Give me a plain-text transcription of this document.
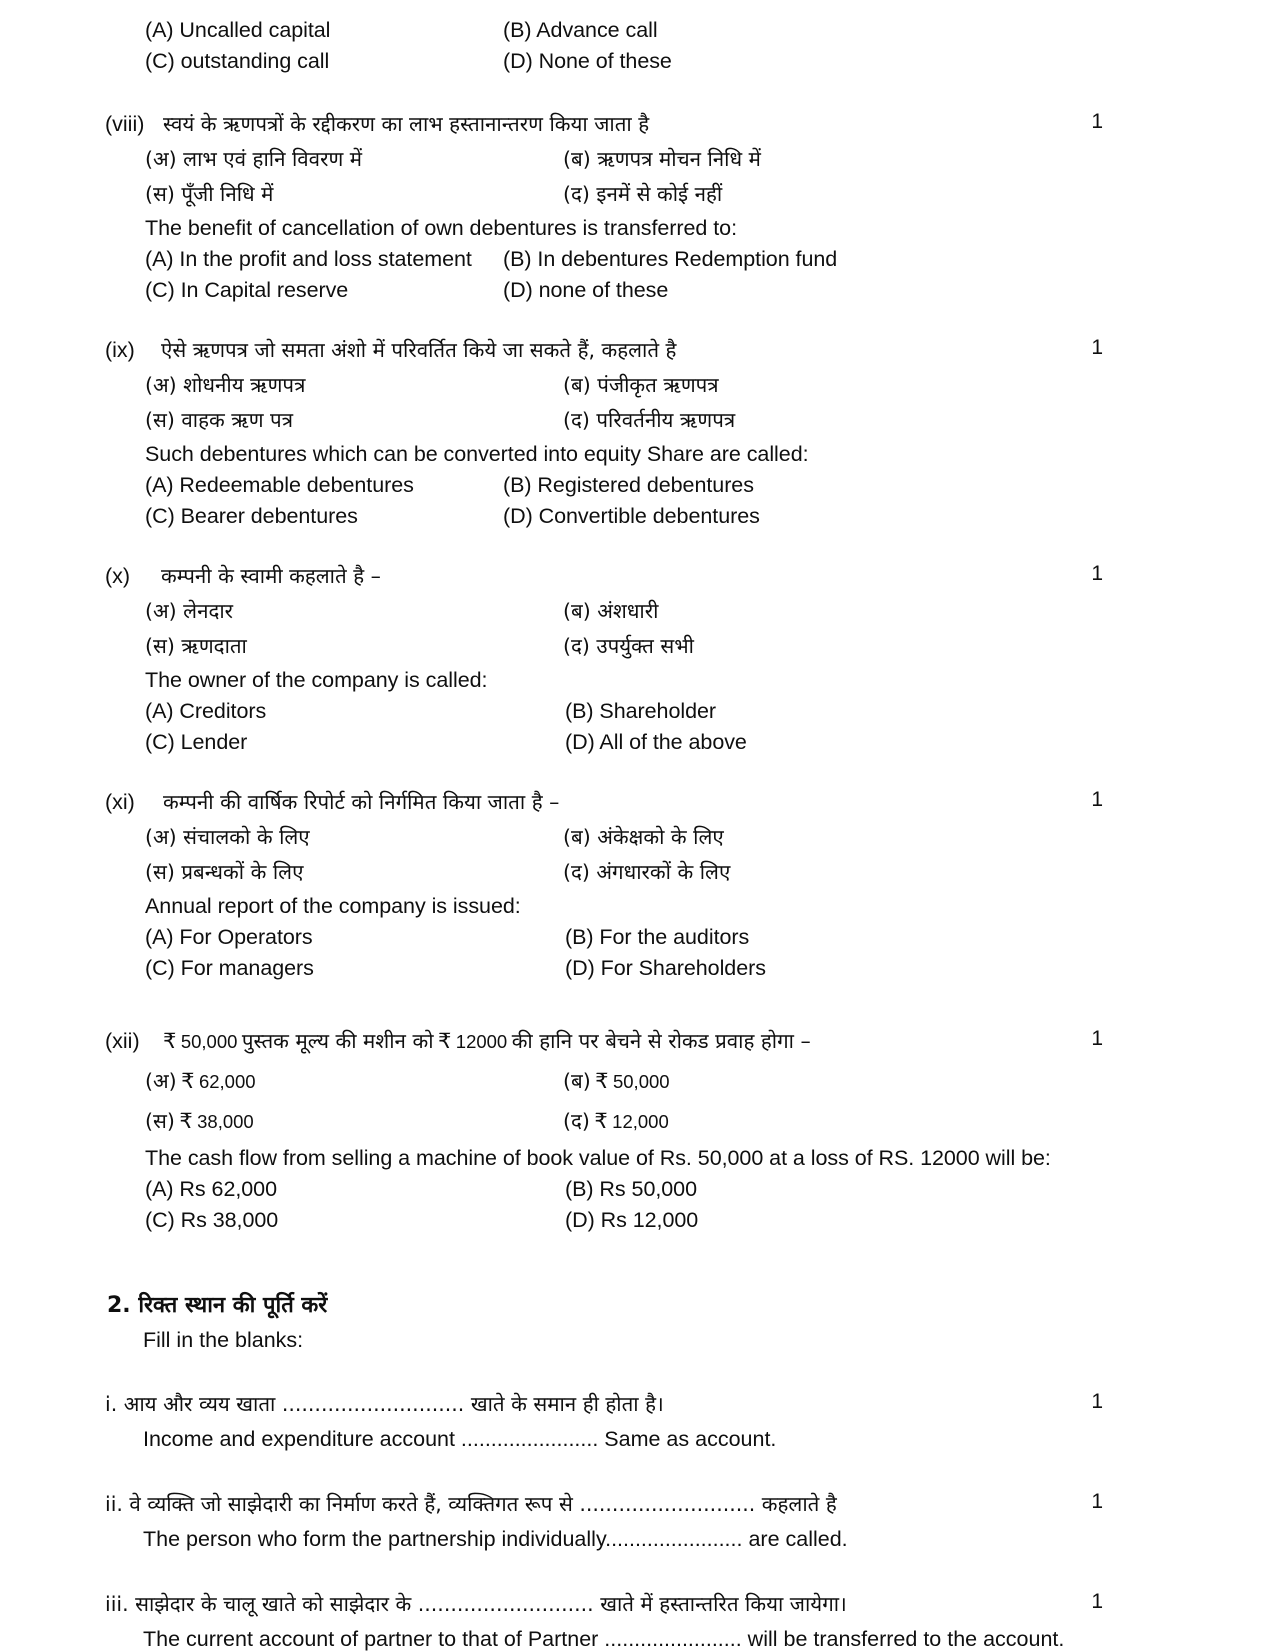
(A) Uncalled capital	(B) Advance call
(C) outstanding call	(D) None of these
(viii) स्वयं के ऋणपत्रों के रद्दीकरण का लाभ हस्तानान्तरण किया जाता है	1
(अ) लाभ एवं हानि विवरण में	(ब) ऋणपत्र मोचन निधि में
(स) पूँजी निधि में	(द) इनमें से कोई नहीं
The benefit of cancellation of own debentures is transferred to:
(A) In the profit and loss statement	(B) In debentures Redemption fund
(C) In Capital reserve	(D) none of these
(ix)	ऐसे ऋणपत्र जो समता अंशो में परिवर्तित किये जा सकते हैं, कहलाते है	1
(अ) शोधनीय ऋणपत्र	(ब) पंजीकृत ऋणपत्र
(स) वाहक ऋण पत्र	(द) परिवर्तनीय ऋणपत्र
Such debentures which can be converted into equity Share are called:
(A) Redeemable debentures	(B) Registered debentures
(C) Bearer debentures	(D) Convertible debentures
(x)	कम्पनी के स्वामी कहलाते है –	1
(अ) लेनदार	(ब) अंशधारी
(स) ऋणदाता	(द) उपर्युक्त सभी
The owner of the company is called:
(A) Creditors	(B) Shareholder
(C) Lender	(D) All of the above
(xi)	कम्पनी की वार्षिक रिपोर्ट को निर्गमित किया जाता है –	1
(अ) संचालको के लिए	(ब) अंकेक्षको के लिए
(स) प्रबन्धकों के लिए	(द) अंगधारकों के लिए
Annual report of the company is issued:
(A) For Operators	(B) For the auditors
(C) For managers	(D) For Shareholders
(xii)	₹ 50,000 पुस्तक मूल्य की मशीन को ₹ 12000 की हानि पर बेचने से रोकड प्रवाह होगा –	1
(अ) ₹ 62,000	(ब) ₹ 50,000
(स) ₹ 38,000	(द) ₹ 12,000
The cash flow from selling a machine of book value of Rs. 50,000 at a loss of RS. 12000 will be:
(A) Rs 62,000	(B) Rs 50,000
(C) Rs 38,000	(D) Rs 12,000
2. रिक्त स्थान की पूर्ति करें
Fill in the blanks:
i. आय और व्यय खाता ............................ खाते के समान ही होता है।	1
Income and expenditure account ....................... Same as account.
ii. वे व्यक्ति जो साझेदारी का निर्माण करते हैं, व्यक्तिगत रूप से ........................... कहलाते है	1
The person who form the partnership individually....................... are called.
iii. साझेदार के चालू खाते को साझेदार के ........................... खाते में हस्तान्तरित किया जायेगा।	1
The current account of partner to that of Partner ....................... will be transferred to the account.
